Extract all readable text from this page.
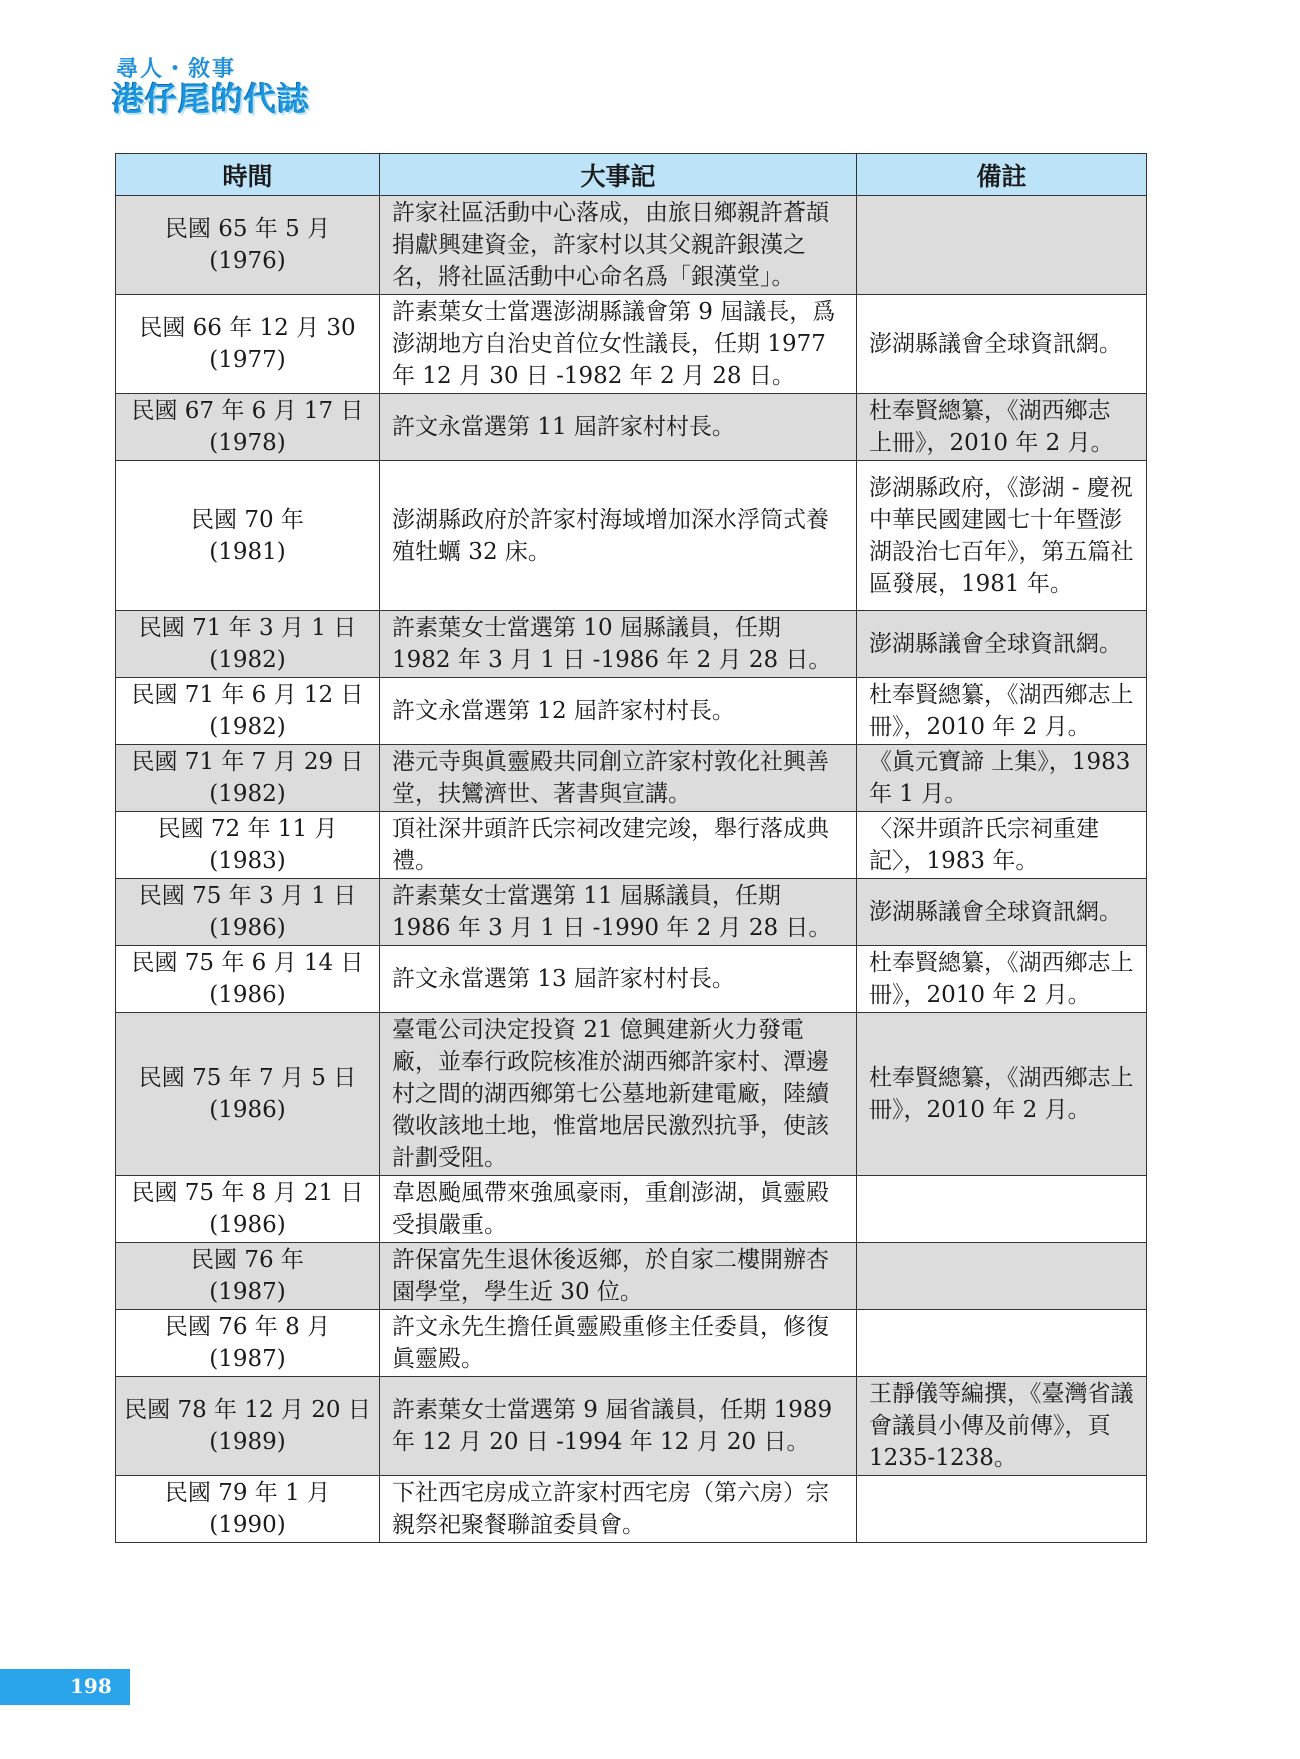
尋人・敘事
港仔尾的代誌
時間	大事記	備註

民國 65 年 5 月
(1976)	許家社區活動中心落成，由旅日鄉親許蒼頡捐獻興建資金，許家村以其父親許銀漢之名，將社區活動中心命名爲「銀漢堂」。	

民國 66 年 12 月 30
(1977)	許素葉女士當選澎湖縣議會第 9 屆議長，爲澎湖地方自治史首位女性議長，任期 1977 年 12 月 30 日 -1982 年 2 月 28 日。	澎湖縣議會全球資訊網。

民國 67 年 6 月 17 日
(1978)	許文永當選第 11 屆許家村村長。	杜奉賢總纂，《湖西鄉志 上冊》，2010 年 2 月。

民國 70 年
(1981)	澎湖縣政府於許家村海域增加深水浮筒式養殖牡蠣 32 床。	澎湖縣政府，《澎湖 - 慶祝中華民國建國七十年暨澎湖設治七百年》，第五篇社區發展，1981 年。

民國 71 年 3 月 1 日
(1982)	許素葉女士當選第 10 屆縣議員，任期 1982 年 3 月 1 日 -1986 年 2 月 28 日。	澎湖縣議會全球資訊網。

民國 71 年 6 月 12 日
(1982)	許文永當選第 12 屆許家村村長。	杜奉賢總纂，《湖西鄉志上冊》，2010 年 2 月。

民國 71 年 7 月 29 日
(1982)	港元寺與眞靈殿共同創立許家村敦化社興善堂，扶鸞濟世、著書與宣講。	《眞元寶諦 上集》，1983 年 1 月。

民國 72 年 11 月
(1983)	頂社深井頭許氏宗祠改建完竣，舉行落成典禮。	〈深井頭許氏宗祠重建記〉，1983 年。

民國 75 年 3 月 1 日
(1986)	許素葉女士當選第 11 屆縣議員，任期 1986 年 3 月 1 日 -1990 年 2 月 28 日。	澎湖縣議會全球資訊網。

民國 75 年 6 月 14 日
(1986)	許文永當選第 13 屆許家村村長。	杜奉賢總纂，《湖西鄉志上冊》，2010 年 2 月。

民國 75 年 7 月 5 日
(1986)	臺電公司決定投資 21 億興建新火力發電廠，並奉行政院核准於湖西鄉許家村、潭邊村之間的湖西鄉第七公墓地新建電廠，陸續徵收該地土地，惟當地居民激烈抗爭，使該計劃受阻。	杜奉賢總纂，《湖西鄉志上冊》，2010 年 2 月。

民國 75 年 8 月 21 日
(1986)	韋恩颱風帶來強風豪雨，重創澎湖，眞靈殿受損嚴重。	

民國 76 年
(1987)	許保富先生退休後返鄉，於自家二樓開辦杏園學堂，學生近 30 位。	

民國 76 年 8 月
(1987)	許文永先生擔任眞靈殿重修主任委員，修復眞靈殿。	

民國 78 年 12 月 20 日
(1989)	許素葉女士當選第 9 屆省議員，任期 1989 年 12 月 20 日 -1994 年 12 月 20 日。	王靜儀等編撰，《臺灣省議會議員小傳及前傳》，頁 1235-1238。

民國 79 年 1 月
(1990)	下社西宅房成立許家村西宅房（第六房）宗親祭祀聚餐聯誼委員會。	
198
